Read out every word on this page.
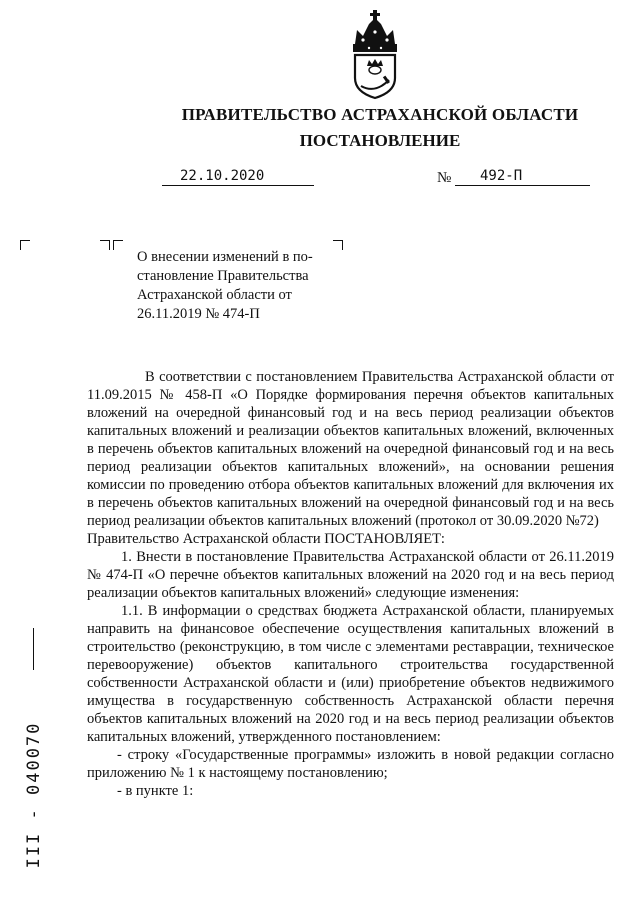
ПРАВИТЕЛЬСТВО АСТРАХАНСКОЙ ОБЛАСТИ
ПОСТАНОВЛЕНИЕ
22.10.2020	№ 492-П
О внесении изменений в по-
становление Правительства
Астраханской области от
26.11.2019 № 474-П

В соответствии с постановлением Правительства Астраханской области от 11.09.2015 № 458-П «О Порядке формирования перечня объектов капитальных вложений на очередной финансовый год и на весь период реализации объектов капитальных вложений и реализации объектов капитальных вложений, включенных в перечень объектов капитальных вложений на очередной финансовый год и на весь период реализации объектов капитальных вложений», на основании решения комиссии по проведению отбора объектов капитальных вложений для включения их в перечень объектов капитальных вложений на очередной финансовый год и на весь период реализации объектов капитальных вложений (протокол от 30.09.2020 №72)

Правительство Астраханской области ПОСТАНОВЛЯЕТ:

1. Внести в постановление Правительства Астраханской области от 26.11.2019 № 474-П «О перечне объектов капитальных вложений на 2020 год и на весь период реализации объектов капитальных вложений» следующие изменения:

1.1. В информации о средствах бюджета Астраханской области, планируемых направить на финансовое обеспечение осуществления капитальных вложений в строительство (реконструкцию, в том числе с элементами реставрации, техническое перевооружение) объектов капитального строительства государственной собственности Астраханской области и (или) приобретение объектов недвижимого имущества в государственную собственность Астраханской области перечня объектов капитальных вложений на 2020 год и на весь период реализации объектов капитальных вложений, утвержденного постановлением:

- строку «Государственные программы» изложить в новой редакции согласно приложению № 1 к настоящему постановлению;

- в пункте 1:

III - 040070
